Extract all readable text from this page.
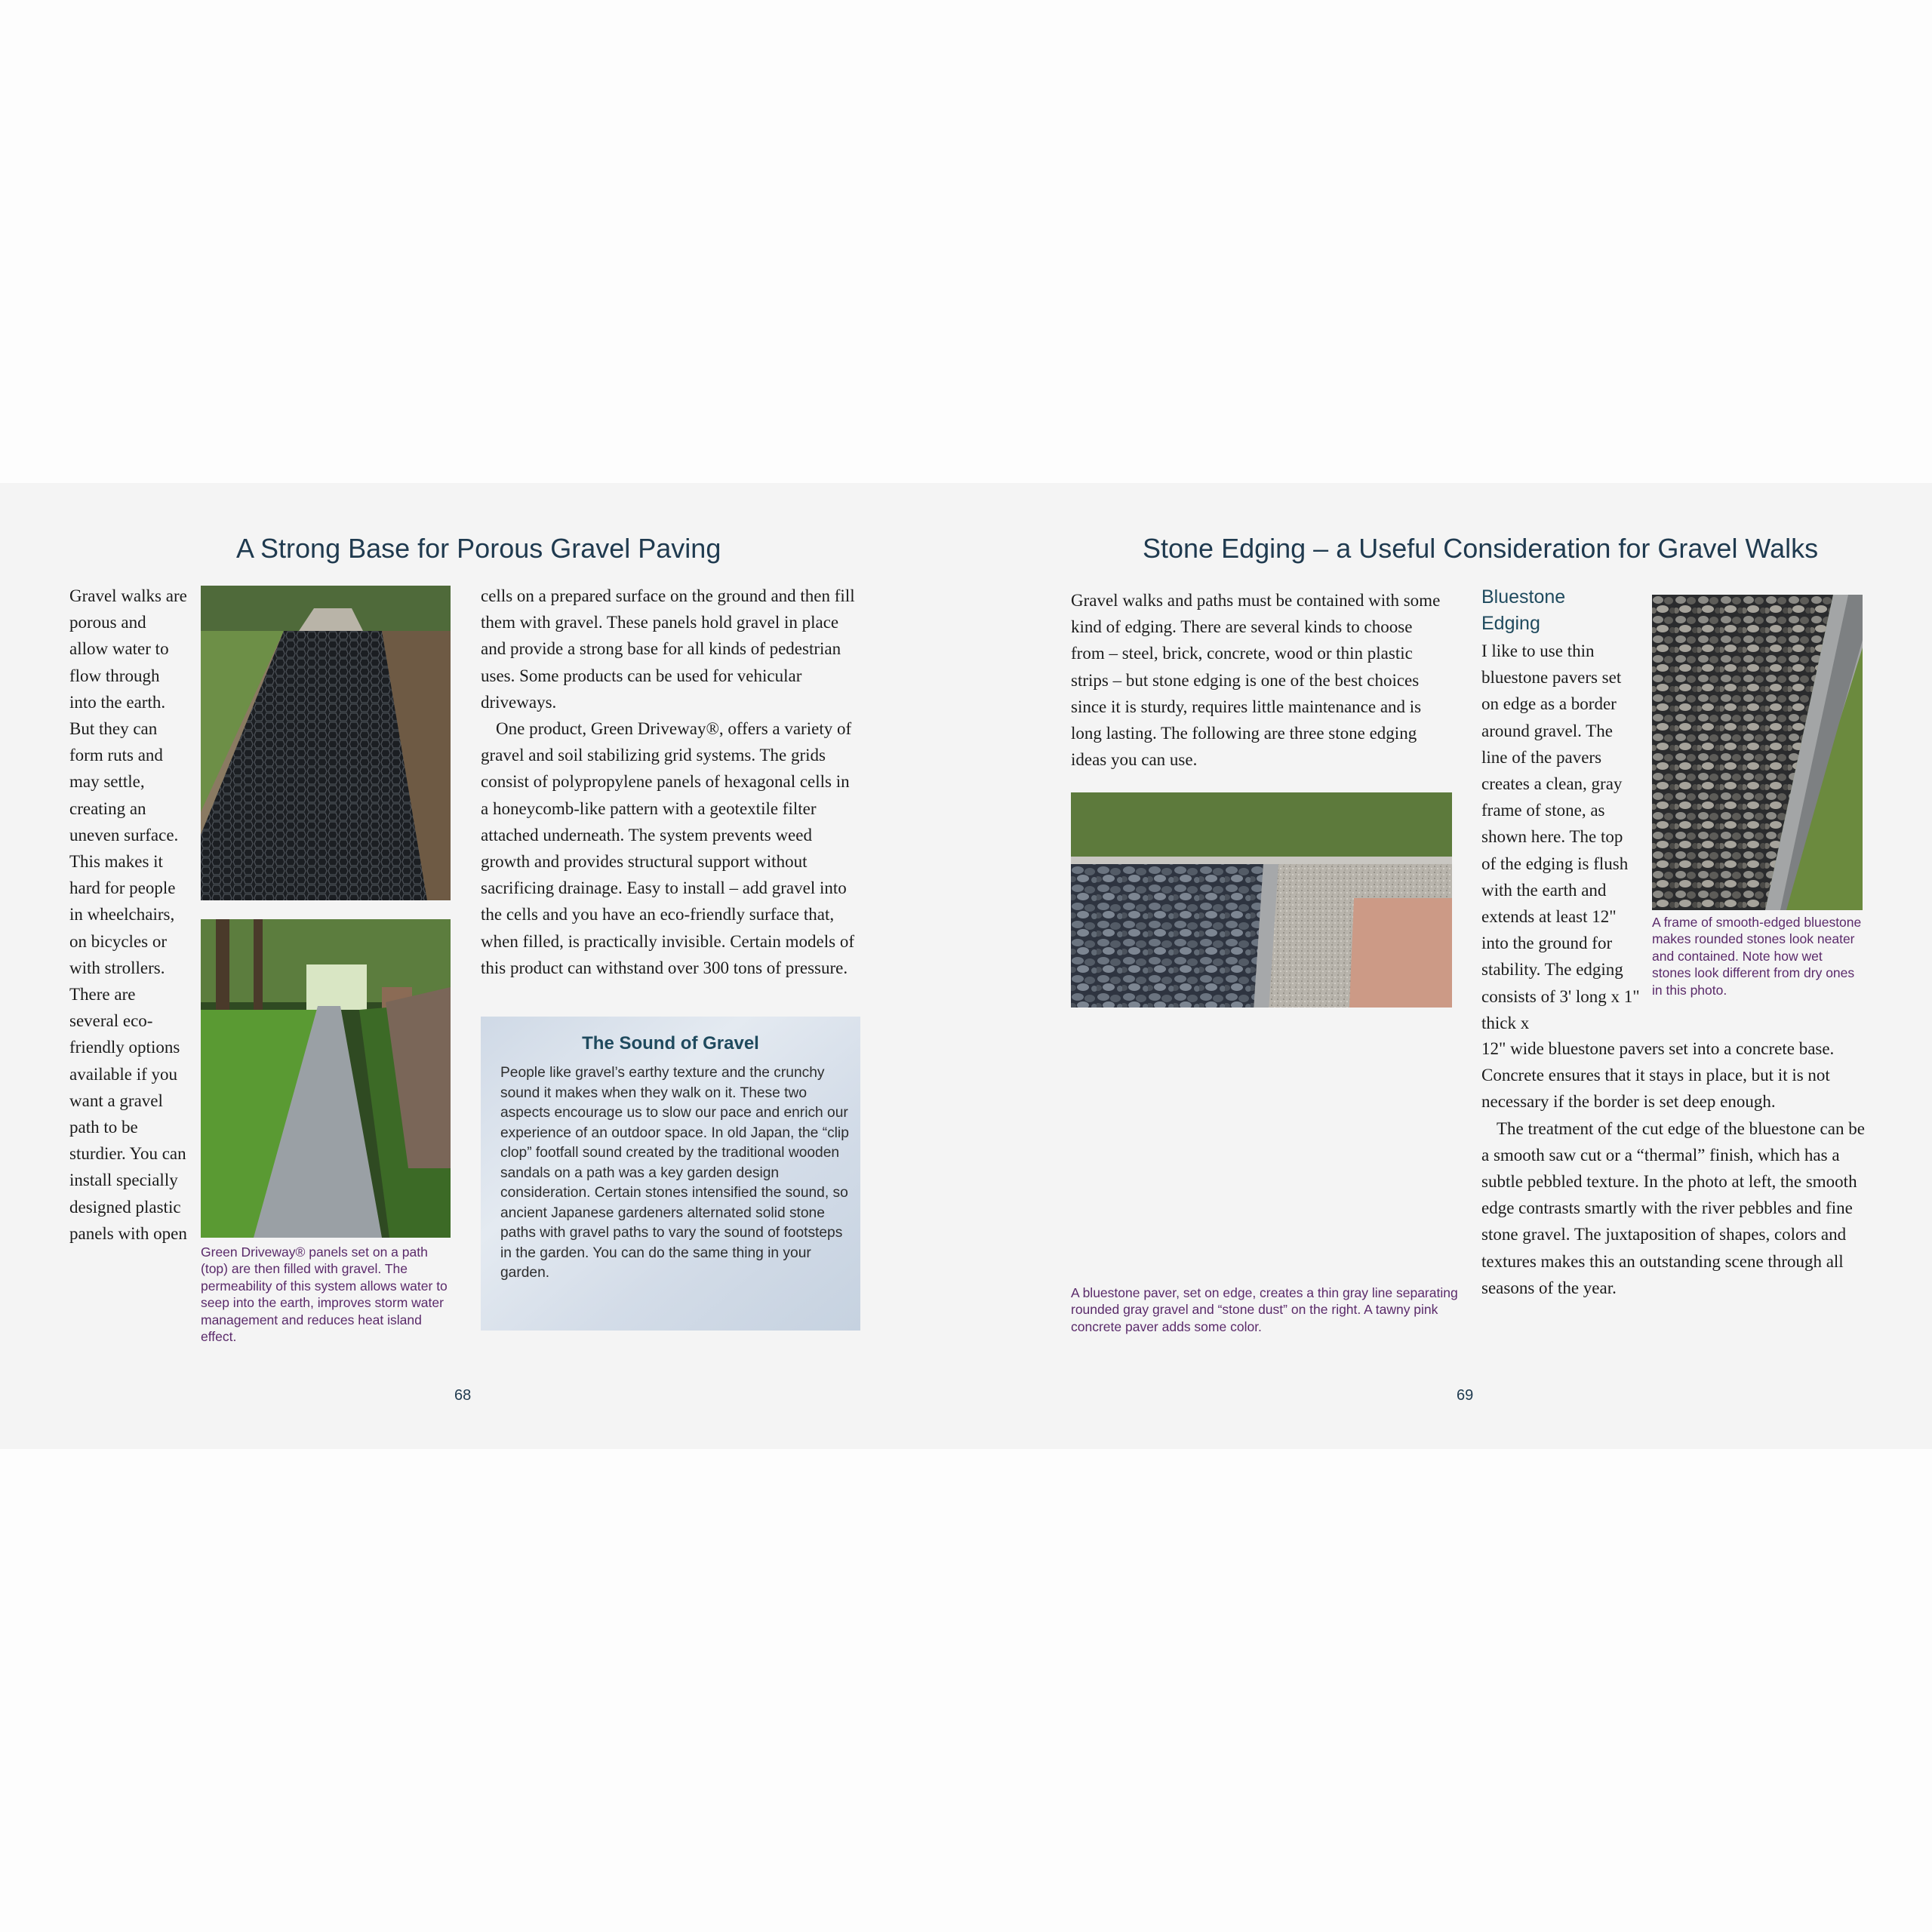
A Strong Base for Porous Gravel Paving

Gravel walks are porous and allow water to flow through into the earth. But they can form ruts and may settle, creating an uneven surface. This makes it hard for people in wheelchairs, on bicycles or with strollers. There are several eco-friendly options available if you want a gravel path to be sturdier. You can install specially designed plastic panels with open

Green Driveway® panels set on a path (top) are then filled with gravel. The permeability of this system allows water to seep into the earth, improves storm water management and reduces heat island effect.

cells on a prepared surface on the ground and then fill them with gravel. These panels hold gravel in place and provide a strong base for all kinds of pedestrian uses. Some products can be used for vehicular driveways.
One product, Green Driveway®, offers a variety of gravel and soil stabilizing grid systems. The grids consist of polypropylene panels of hexagonal cells in a honeycomb-like pattern with a geotextile filter attached underneath. The system prevents weed growth and provides structural support without sacrificing drainage. Easy to install – add gravel into the cells and you have an eco-friendly surface that, when filled, is practically invisible. Certain models of this product can withstand over 300 tons of pressure.

The Sound of Gravel

People like gravel’s earthy texture and the crunchy sound it makes when they walk on it. These two aspects encourage us to slow our pace and enrich our experience of an outdoor space. In old Japan, the “clip clop” footfall sound created by the traditional wooden sandals on a path was a key garden design consideration. Certain stones intensified the sound, so ancient Japanese gardeners alternated solid stone paths with gravel paths to vary the sound of footsteps in the garden. You can do the same thing in your garden.

68

Stone Edging – a Useful Consideration for Gravel Walks

Gravel walks and paths must be contained with some kind of edging. There are several kinds to choose from – steel, brick, concrete, wood or thin plastic strips – but stone edging is one of the best choices since it is sturdy, requires little maintenance and is long lasting. The following are three stone edging ideas you can use.

A bluestone paver, set on edge, creates a thin gray line separating rounded gray gravel and “stone dust” on the right. A tawny pink concrete paver adds some color.

Bluestone Edging

I like to use thin bluestone pavers set on edge as a border around gravel. The line of the pavers creates a clean, gray frame of stone, as shown here. The top of the edging is flush with the earth and extends at least 12" into the ground for stability. The edging consists of 3' long x 1" thick x

A frame of smooth-edged bluestone makes rounded stones look neater and contained. Note how wet stones look different from dry ones in this photo.

12" wide bluestone pavers set into a concrete base. Concrete ensures that it stays in place, but it is not necessary if the border is set deep enough.
The treatment of the cut edge of the bluestone can be a smooth saw cut or a “thermal” finish, which has a subtle pebbled texture. In the photo at left, the smooth edge contrasts smartly with the river pebbles and fine stone gravel. The juxtaposition of shapes, colors and textures makes this an outstanding scene through all seasons of the year.

69
